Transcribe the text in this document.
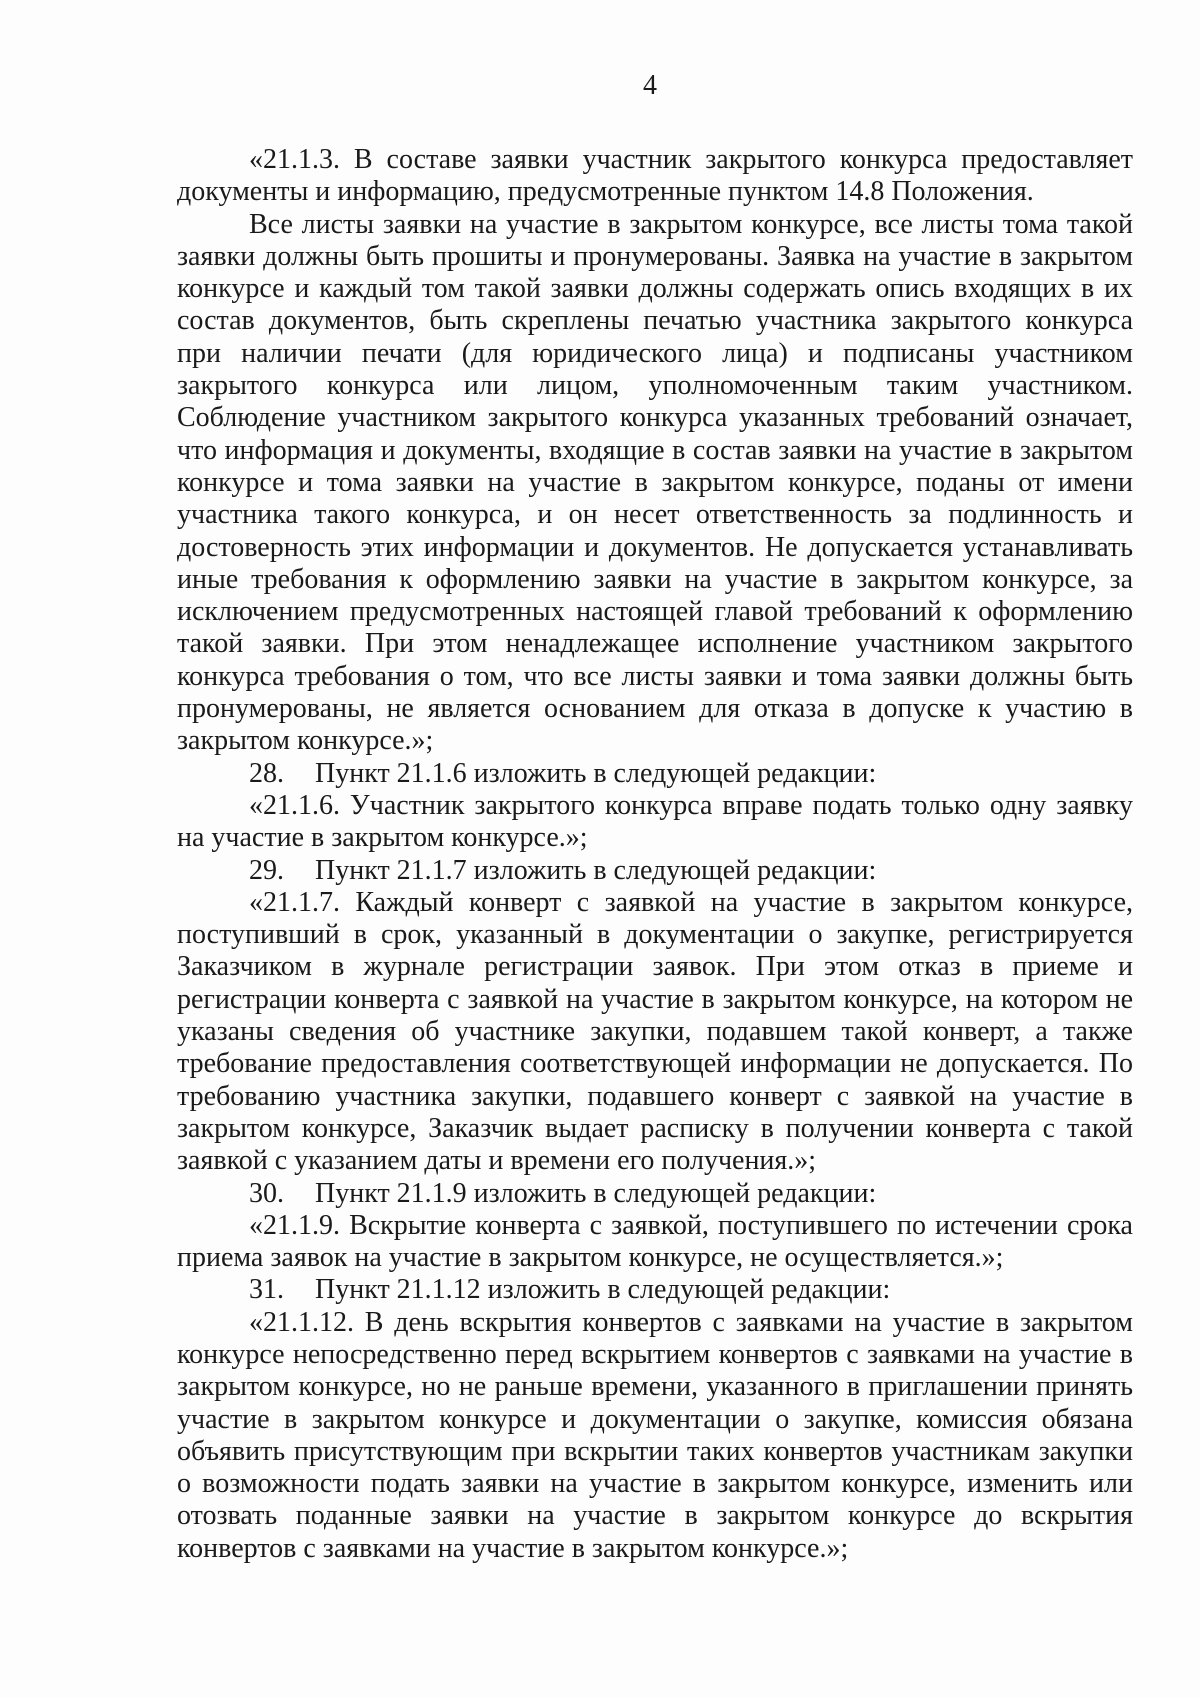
4

«21.1.3. В составе заявки участник закрытого конкурса предоставляет документы и информацию, предусмотренные пунктом 14.8 Положения.

Все листы заявки на участие в закрытом конкурсе, все листы тома такой заявки должны быть прошиты и пронумерованы. Заявка на участие в закрытом конкурсе и каждый том такой заявки должны содержать опись входящих в их состав документов, быть скреплены печатью участника закрытого конкурса при наличии печати (для юридического лица) и подписаны участником закрытого конкурса или лицом, уполномоченным таким участником. Соблюдение участником закрытого конкурса указанных требований означает, что информация и документы, входящие в состав заявки на участие в закрытом конкурсе и тома заявки на участие в закрытом конкурсе, поданы от имени участника такого конкурса, и он несет ответственность за подлинность и достоверность этих информации и документов. Не допускается устанавливать иные требования к оформлению заявки на участие в закрытом конкурсе, за исключением предусмотренных настоящей главой требований к оформлению такой заявки. При этом ненадлежащее исполнение участником закрытого конкурса требования о том, что все листы заявки и тома заявки должны быть пронумерованы, не является основанием для отказа в допуске к участию в закрытом конкурсе.»;

28. Пункт 21.1.6 изложить в следующей редакции:

«21.1.6. Участник закрытого конкурса вправе подать только одну заявку на участие в закрытом конкурсе.»;

29. Пункт 21.1.7 изложить в следующей редакции:

«21.1.7. Каждый конверт с заявкой на участие в закрытом конкурсе, поступивший в срок, указанный в документации о закупке, регистрируется Заказчиком в журнале регистрации заявок. При этом отказ в приеме и регистрации конверта с заявкой на участие в закрытом конкурсе, на котором не указаны сведения об участнике закупки, подавшем такой конверт, а также требование предоставления соответствующей информации не допускается. По требованию участника закупки, подавшего конверт с заявкой на участие в закрытом конкурсе, Заказчик выдает расписку в получении конверта с такой заявкой с указанием даты и времени его получения.»;

30. Пункт 21.1.9 изложить в следующей редакции:

«21.1.9. Вскрытие конверта с заявкой, поступившего по истечении срока приема заявок на участие в закрытом конкурсе, не осуществляется.»;

31. Пункт 21.1.12 изложить в следующей редакции:

«21.1.12. В день вскрытия конвертов с заявками на участие в закрытом конкурсе непосредственно перед вскрытием конвертов с заявками на участие в закрытом конкурсе, но не раньше времени, указанного в приглашении принять участие в закрытом конкурсе и документации о закупке, комиссия обязана объявить присутствующим при вскрытии таких конвертов участникам закупки о возможности подать заявки на участие в закрытом конкурсе, изменить или отозвать поданные заявки на участие в закрытом конкурсе до вскрытия конвертов с заявками на участие в закрытом конкурсе.»;
